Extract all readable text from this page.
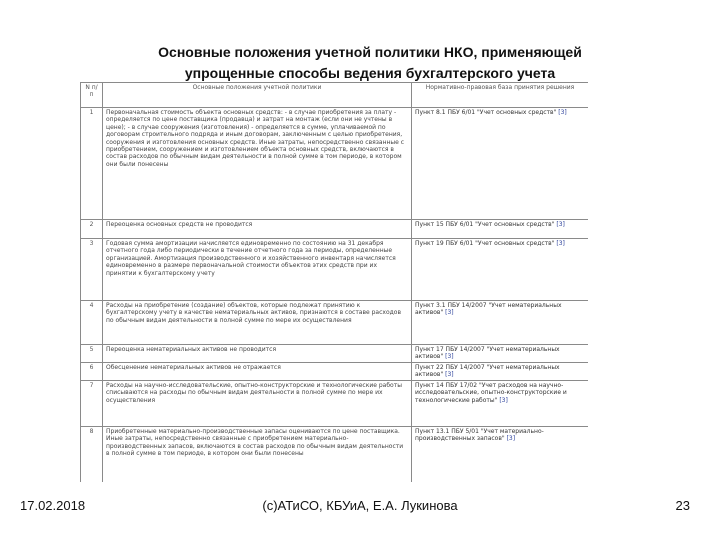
Основные положения учетной политики НКО, применяющей
упрощенные способы ведения бухгалтерского учета
N п/п	Основные положения учетной политики	Нормативно-правовая база принятия решения
1	Первоначальная стоимость объекта основных средств: - в случае приобретения за плату - определяется по цене поставщика (продавца) и затрат на монтаж (если они не учтены в цене); - в случае сооружения (изготовления) - определяется в сумме, уплачиваемой по договорам строительного подряда и иным договорам, заключенным с целью приобретения, сооружения и изготовления основных средств. Иные затраты, непосредственно связанные с приобретением, сооружением и изготовлением объекта основных средств, включаются в состав расходов по обычным видам деятельности в полной сумме в том периоде, в котором они были понесены	Пункт 8.1 ПБУ 6/01 "Учет основных средств" [3]
2	Переоценка основных средств не проводится	Пункт 15 ПБУ 6/01 "Учет основных средств" [3]
3	Годовая сумма амортизации начисляется единовременно по состоянию на 31 декабря отчетного года либо периодически в течение отчетного года за периоды, определенные организацией. Амортизация производственного и хозяйственного инвентаря начисляется единовременно в размере первоначальной стоимости объектов этих средств при их принятии к бухгалтерскому учету	Пункт 19 ПБУ 6/01 "Учет основных средств" [3]
4	Расходы на приобретение (создание) объектов, которые подлежат принятию к бухгалтерскому учету в качестве нематериальных активов, признаются в составе расходов по обычным видам деятельности в полной сумме по мере их осуществления	Пункт 3.1 ПБУ 14/2007 "Учет нематериальных активов" [3]
5	Переоценка нематериальных активов не проводится	Пункт 17 ПБУ 14/2007 "Учет нематериальных активов" [3]
6	Обесценение нематериальных активов не отражается	Пункт 22 ПБУ 14/2007 "Учет нематериальных активов" [3]
7	Расходы на научно-исследовательские, опытно-конструкторские и технологические работы списываются на расходы по обычным видам деятельности в полной сумме по мере их осуществления	Пункт 14 ПБУ 17/02 "Учет расходов на научно-исследовательские, опытно-конструкторские и технологические работы" [3]
8	Приобретенные материально-производственные запасы оцениваются по цене поставщика. Иные затраты, непосредственно связанные с приобретением материально-производственных запасов, включаются в состав расходов по обычным видам деятельности в полной сумме в том периоде, в котором они были понесены	Пункт 13.1 ПБУ 5/01 "Учет материально-производственных запасов" [3]
17.02.2018	(с)АТиСО, КБУиА, Е.А. Лукинова	23
